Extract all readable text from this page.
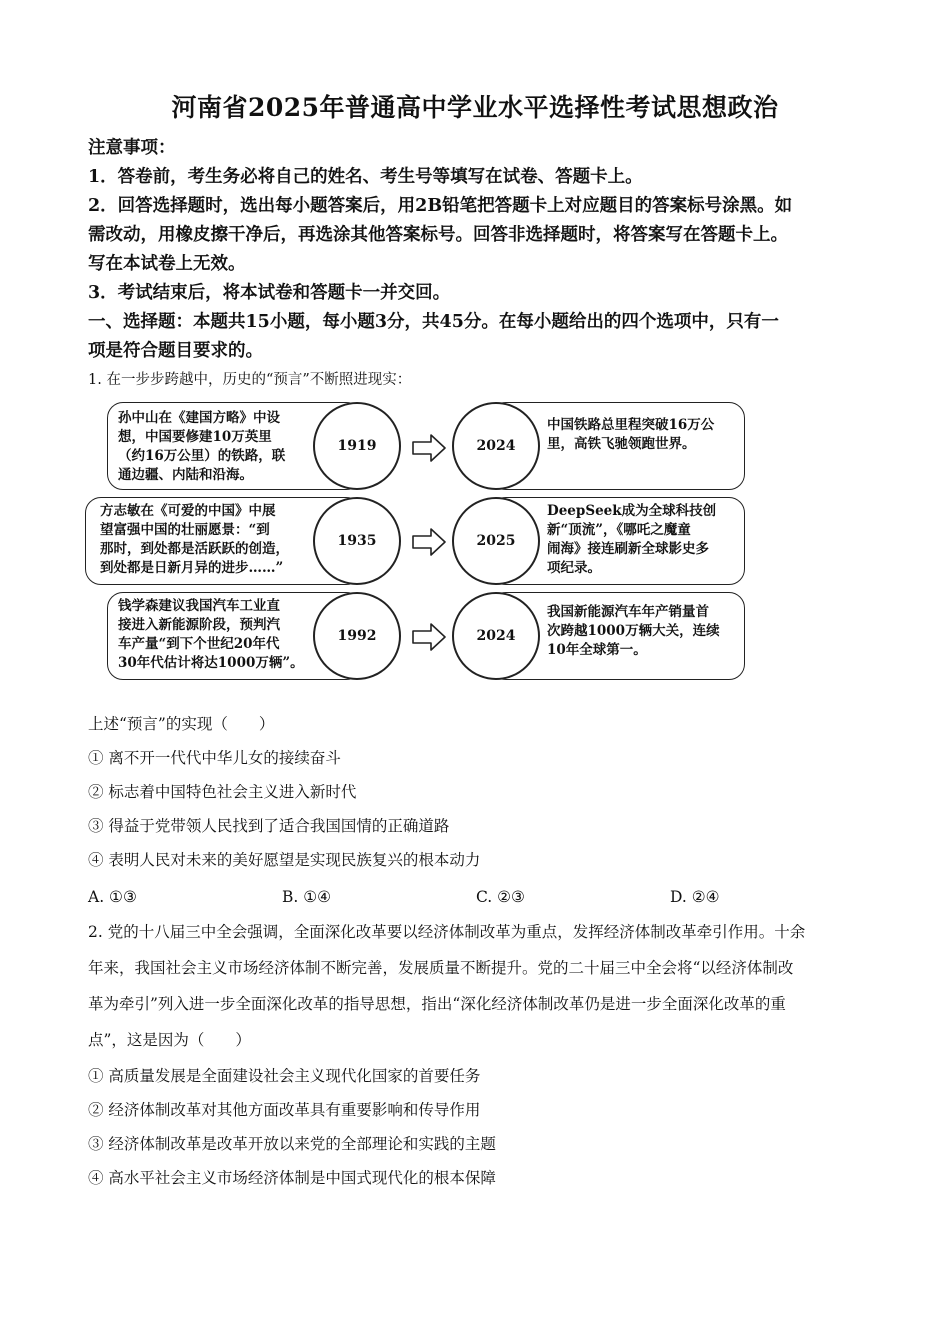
河南省2025年普通高中学业水平选择性考试思想政治
注意事项：
1．答卷前，考生务必将自己的姓名、考生号等填写在试卷、答题卡上。
2．回答选择题时，选出每小题答案后，用2B铅笔把答题卡上对应题目的答案标号涂黑。如
需改动，用橡皮擦干净后，再选涂其他答案标号。回答非选择题时，将答案写在答题卡上。
写在本试卷上无效。
3．考试结束后，将本试卷和答题卡一并交回。
一、选择题：本题共15小题，每小题3分，共45分。在每小题给出的四个选项中，只有一
项是符合题目要求的。
1. 在一步步跨越中，历史的“预言”不断照进现实：
孙中山在《建国方略》中设
想，中国要修建10万英里
（约16万公里）的铁路，联
通边疆、内陆和沿海。
1919
中国铁路总里程突破16万公
里，高铁飞驰领跑世界。
2024
方志敏在《可爱的中国》中展
望富强中国的壮丽愿景：“到
那时，到处都是活跃跃的创造，
到处都是日新月异的进步……”
1935
DeepSeek成为全球科技创
新“顶流”，《哪吒之魔童
闹海》接连刷新全球影史多
项纪录。
2025
钱学森建议我国汽车工业直
接进入新能源阶段，预判汽
车产量“到下个世纪20年代
30年代估计将达1000万辆”。
1992
我国新能源汽车年产销量首
次跨越1000万辆大关，连续
10年全球第一。
2024
上述“预言”的实现（　　）
① 离不开一代代中华儿女的接续奋斗
② 标志着中国特色社会主义进入新时代
③ 得益于党带领人民找到了适合我国国情的正确道路
④ 表明人民对未来的美好愿望是实现民族复兴的根本动力
A. ①③	B. ①④	C. ②③	D. ②④
2. 党的十八届三中全会强调，全面深化改革要以经济体制改革为重点，发挥经济体制改革牵引作用。十余
年来，我国社会主义市场经济体制不断完善，发展质量不断提升。党的二十届三中全会将“以经济体制改
革为牵引”列入进一步全面深化改革的指导思想，指出“深化经济体制改革仍是进一步全面深化改革的重
点”，这是因为（　　）
① 高质量发展是全面建设社会主义现代化国家的首要任务
② 经济体制改革对其他方面改革具有重要影响和传导作用
③ 经济体制改革是改革开放以来党的全部理论和实践的主题
④ 高水平社会主义市场经济体制是中国式现代化的根本保障
